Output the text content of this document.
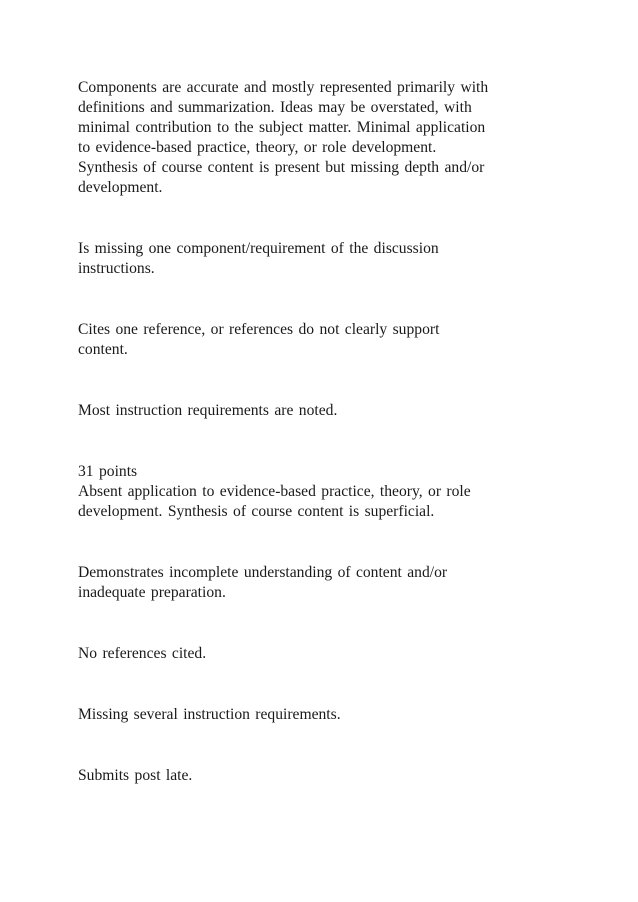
Components are accurate and mostly represented primarily with

definitions and summarization. Ideas may be overstated, with

minimal contribution to the subject matter. Minimal application

to evidence-based practice, theory, or role development.

Synthesis of course content is present but missing depth and/or

development.

Is missing one component/requirement of the discussion

instructions.

Cites one reference, or references do not clearly support

content.

Most instruction requirements are noted.

31 points

Absent application to evidence-based practice, theory, or role

development. Synthesis of course content is superficial.

Demonstrates incomplete understanding of content and/or

inadequate preparation.

No references cited.

Missing several instruction requirements.

Submits post late.
